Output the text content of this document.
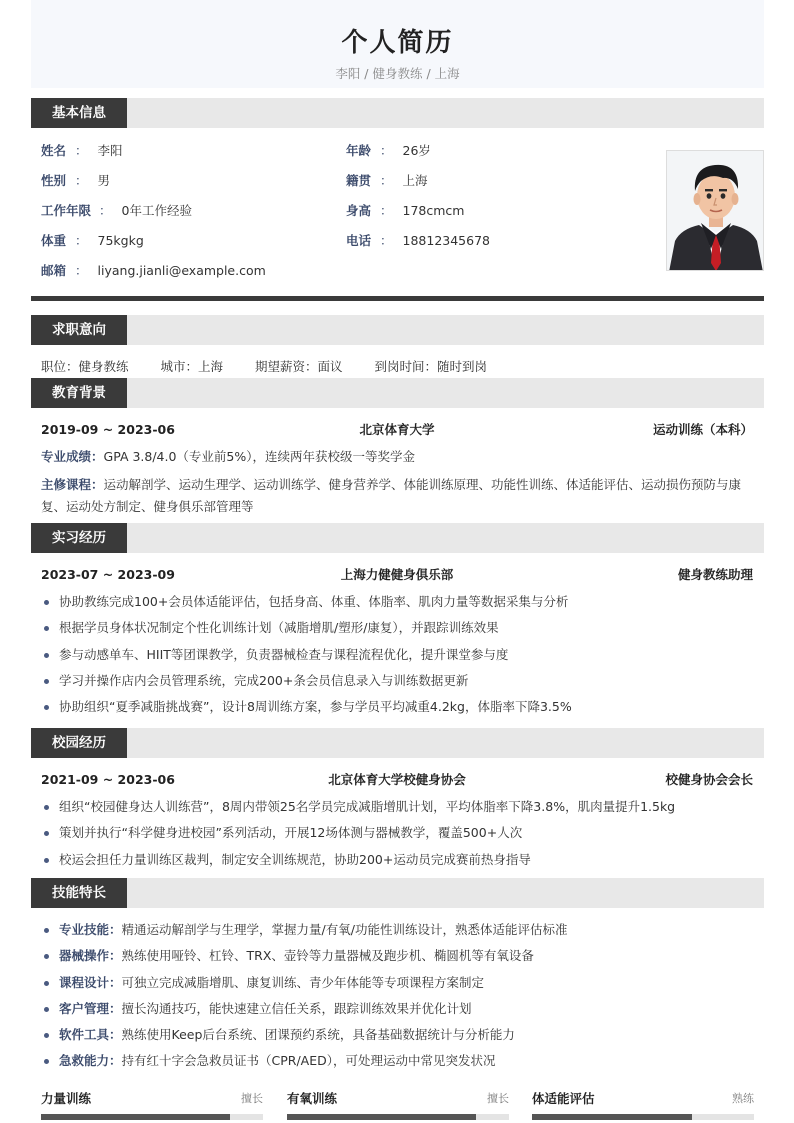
个人简历
李阳 / 健身教练 / 上海
基本信息
姓名 ： 李阳	年龄 ： 26岁
性别 ： 男	籍贯 ： 上海
工作年限 ： 0年工作经验	身高 ： 178cmcm
体重 ： 75kgkg	电话 ： 18812345678
邮箱 ： liyang.jianli@example.com
求职意向
职位：健身教练	城市：上海	期望薪资：面议	到岗时间：随时到岗
教育背景
2019-09 ~ 2023-06	北京体育大学	运动训练（本科）
专业成绩：GPA 3.8/4.0（专业前5%），连续两年获校级一等奖学金
主修课程：运动解剖学、运动生理学、运动训练学、健身营养学、体能训练原理、功能性训练、体适能评估、运动损伤预防与康复、运动处方制定、健身俱乐部管理等
实习经历
2023-07 ~ 2023-09	上海力健健身俱乐部	健身教练助理
协助教练完成100+会员体适能评估，包括身高、体重、体脂率、肌肉力量等数据采集与分析
根据学员身体状况制定个性化训练计划（减脂增肌/塑形/康复），并跟踪训练效果
参与动感单车、HIIT等团课教学，负责器械检查与课程流程优化，提升课堂参与度
学习并操作店内会员管理系统，完成200+条会员信息录入与训练数据更新
协助组织“夏季减脂挑战赛”，设计8周训练方案，参与学员平均减重4.2kg，体脂率下降3.5%
校园经历
2021-09 ~ 2023-06	北京体育大学校健身协会	校健身协会会长
组织“校园健身达人训练营”，8周内带领25名学员完成减脂增肌计划，平均体脂率下降3.8%，肌肉量提升1.5kg
策划并执行“科学健身进校园”系列活动，开展12场体测与器械教学，覆盖500+人次
校运会担任力量训练区裁判，制定安全训练规范，协助200+运动员完成赛前热身指导
技能特长
专业技能：精通运动解剖学与生理学，掌握力量/有氧/功能性训练设计，熟悉体适能评估标准
器械操作：熟练使用哑铃、杠铃、TRX、壶铃等力量器械及跑步机、椭圆机等有氧设备
课程设计：可独立完成减脂增肌、康复训练、青少年体能等专项课程方案制定
客户管理：擅长沟通技巧，能快速建立信任关系，跟踪训练效果并优化计划
软件工具：熟练使用Keep后台系统、团课预约系统，具备基础数据统计与分析能力
急救能力：持有红十字会急救员证书（CPR/AED），可处理运动中常见突发状况
力量训练	擅长 有氧训练	擅长 体适能评估	熟练
